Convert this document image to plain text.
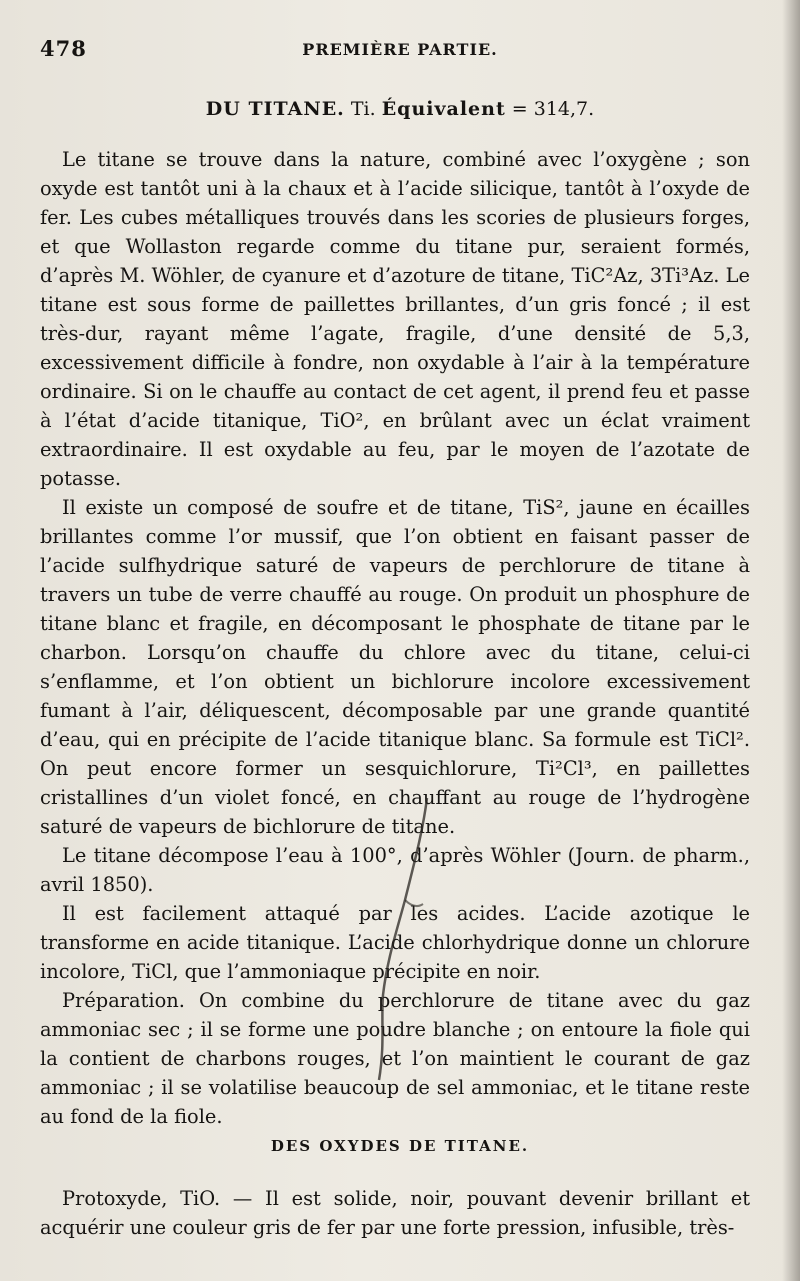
478	PREMIÈRE PARTIE.
DU TITANE. Ti. Équivalent = 314,7.

Le titane se trouve dans la nature, combiné avec l’oxygène ; son oxyde est tantôt uni à la chaux et à l’acide silicique, tantôt à l’oxyde de fer. Les cubes métalliques trouvés dans les scories de plusieurs forges, et que Wollaston regarde comme du titane pur, seraient formés, d’après M. Wöhler, de cyanure et d’azoture de titane, TiC²Az, 3Ti³Az. Le titane est sous forme de paillettes brillantes, d’un gris foncé ; il est très-dur, rayant même l’agate, fragile, d’une densité de 5,3, excessivement difficile à fondre, non oxydable à l’air à la température ordinaire. Si on le chauffe au contact de cet agent, il prend feu et passe à l’état d’acide titanique, TiO², en brûlant avec un éclat vraiment extraordinaire. Il est oxydable au feu, par le moyen de l’azotate de potasse.

Il existe un composé de soufre et de titane, TiS², jaune en écailles brillantes comme l’or mussif, que l’on obtient en faisant passer de l’acide sulfhydrique saturé de vapeurs de perchlorure de titane à travers un tube de verre chauffé au rouge. On produit un phosphure de titane blanc et fragile, en décomposant le phosphate de titane par le charbon. Lorsqu’on chauffe du chlore avec du titane, celui-ci s’enflamme, et l’on obtient un bichlorure incolore excessivement fumant à l’air, déliquescent, décomposable par une grande quantité d’eau, qui en précipite de l’acide titanique blanc. Sa formule est TiCl². On peut encore former un sesquichlorure, Ti²Cl³, en paillettes cristallines d’un violet foncé, en chauffant au rouge de l’hydrogène saturé de vapeurs de bichlorure de titane.

Le titane décompose l’eau à 100°, d’après Wöhler (Journ. de pharm., avril 1850).

Il est facilement attaqué par les acides. L’acide azotique le transforme en acide titanique. L’acide chlorhydrique donne un chlorure incolore, TiCl, que l’ammoniaque précipite en noir.

Préparation. On combine du perchlorure de titane avec du gaz ammoniac sec ; il se forme une poudre blanche ; on entoure la fiole qui la contient de charbons rouges, et l’on maintient le courant de gaz ammoniac ; il se volatilise beaucoup de sel ammoniac, et le titane reste au fond de la fiole.

DES OXYDES DE TITANE.

Protoxyde, TiO. — Il est solide, noir, pouvant devenir brillant et acquérir une couleur gris de fer par une forte pression, infusible, très-
